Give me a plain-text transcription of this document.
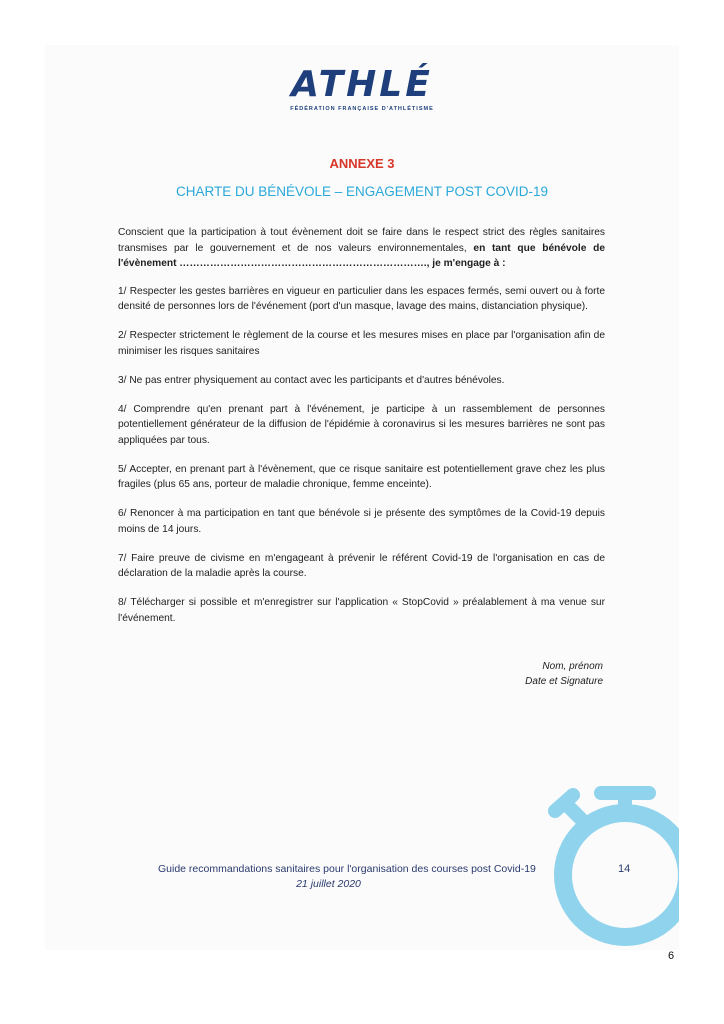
ATHLÉ
FÉDÉRATION FRANÇAISE D'ATHLÉTISME
ANNEXE 3
CHARTE DU BÉNÉVOLE – ENGAGEMENT POST COVID-19

Conscient que la participation à tout évènement doit se faire dans le respect strict des règles sanitaires transmises par le gouvernement et de nos valeurs environnementales, en tant que bénévole de l'évènement ………………………………………………………………., je m'engage à :

1/ Respecter les gestes barrières en vigueur en particulier dans les espaces fermés, semi ouvert ou à forte densité de personnes lors de l'événement (port d'un masque, lavage des mains, distanciation physique).

2/ Respecter strictement le règlement de la course et les mesures mises en place par l'organisation afin de minimiser les risques sanitaires

3/ Ne pas entrer physiquement au contact avec les participants et d'autres bénévoles.

4/ Comprendre qu'en prenant part à l'événement, je participe à un rassemblement de personnes potentiellement générateur de la diffusion de l'épidémie à coronavirus si les mesures barrières ne sont pas appliquées par tous.

5/ Accepter, en prenant part à l'évènement, que ce risque sanitaire est potentiellement grave chez les plus fragiles (plus 65 ans, porteur de maladie chronique, femme enceinte).

6/ Renoncer à ma participation en tant que bénévole si je présente des symptômes de la Covid-19 depuis moins de 14 jours.

7/ Faire preuve de civisme en m'engageant à prévenir le référent Covid-19 de l'organisation en cas de déclaration de la maladie après la course.

8/ Télécharger si possible et m'enregistrer sur l'application « StopCovid » préalablement à ma venue sur l'événement.

Nom, prénom
Date et Signature
Guide recommandations sanitaires pour l'organisation des courses post Covid-19
21 juillet 2020
14
6
